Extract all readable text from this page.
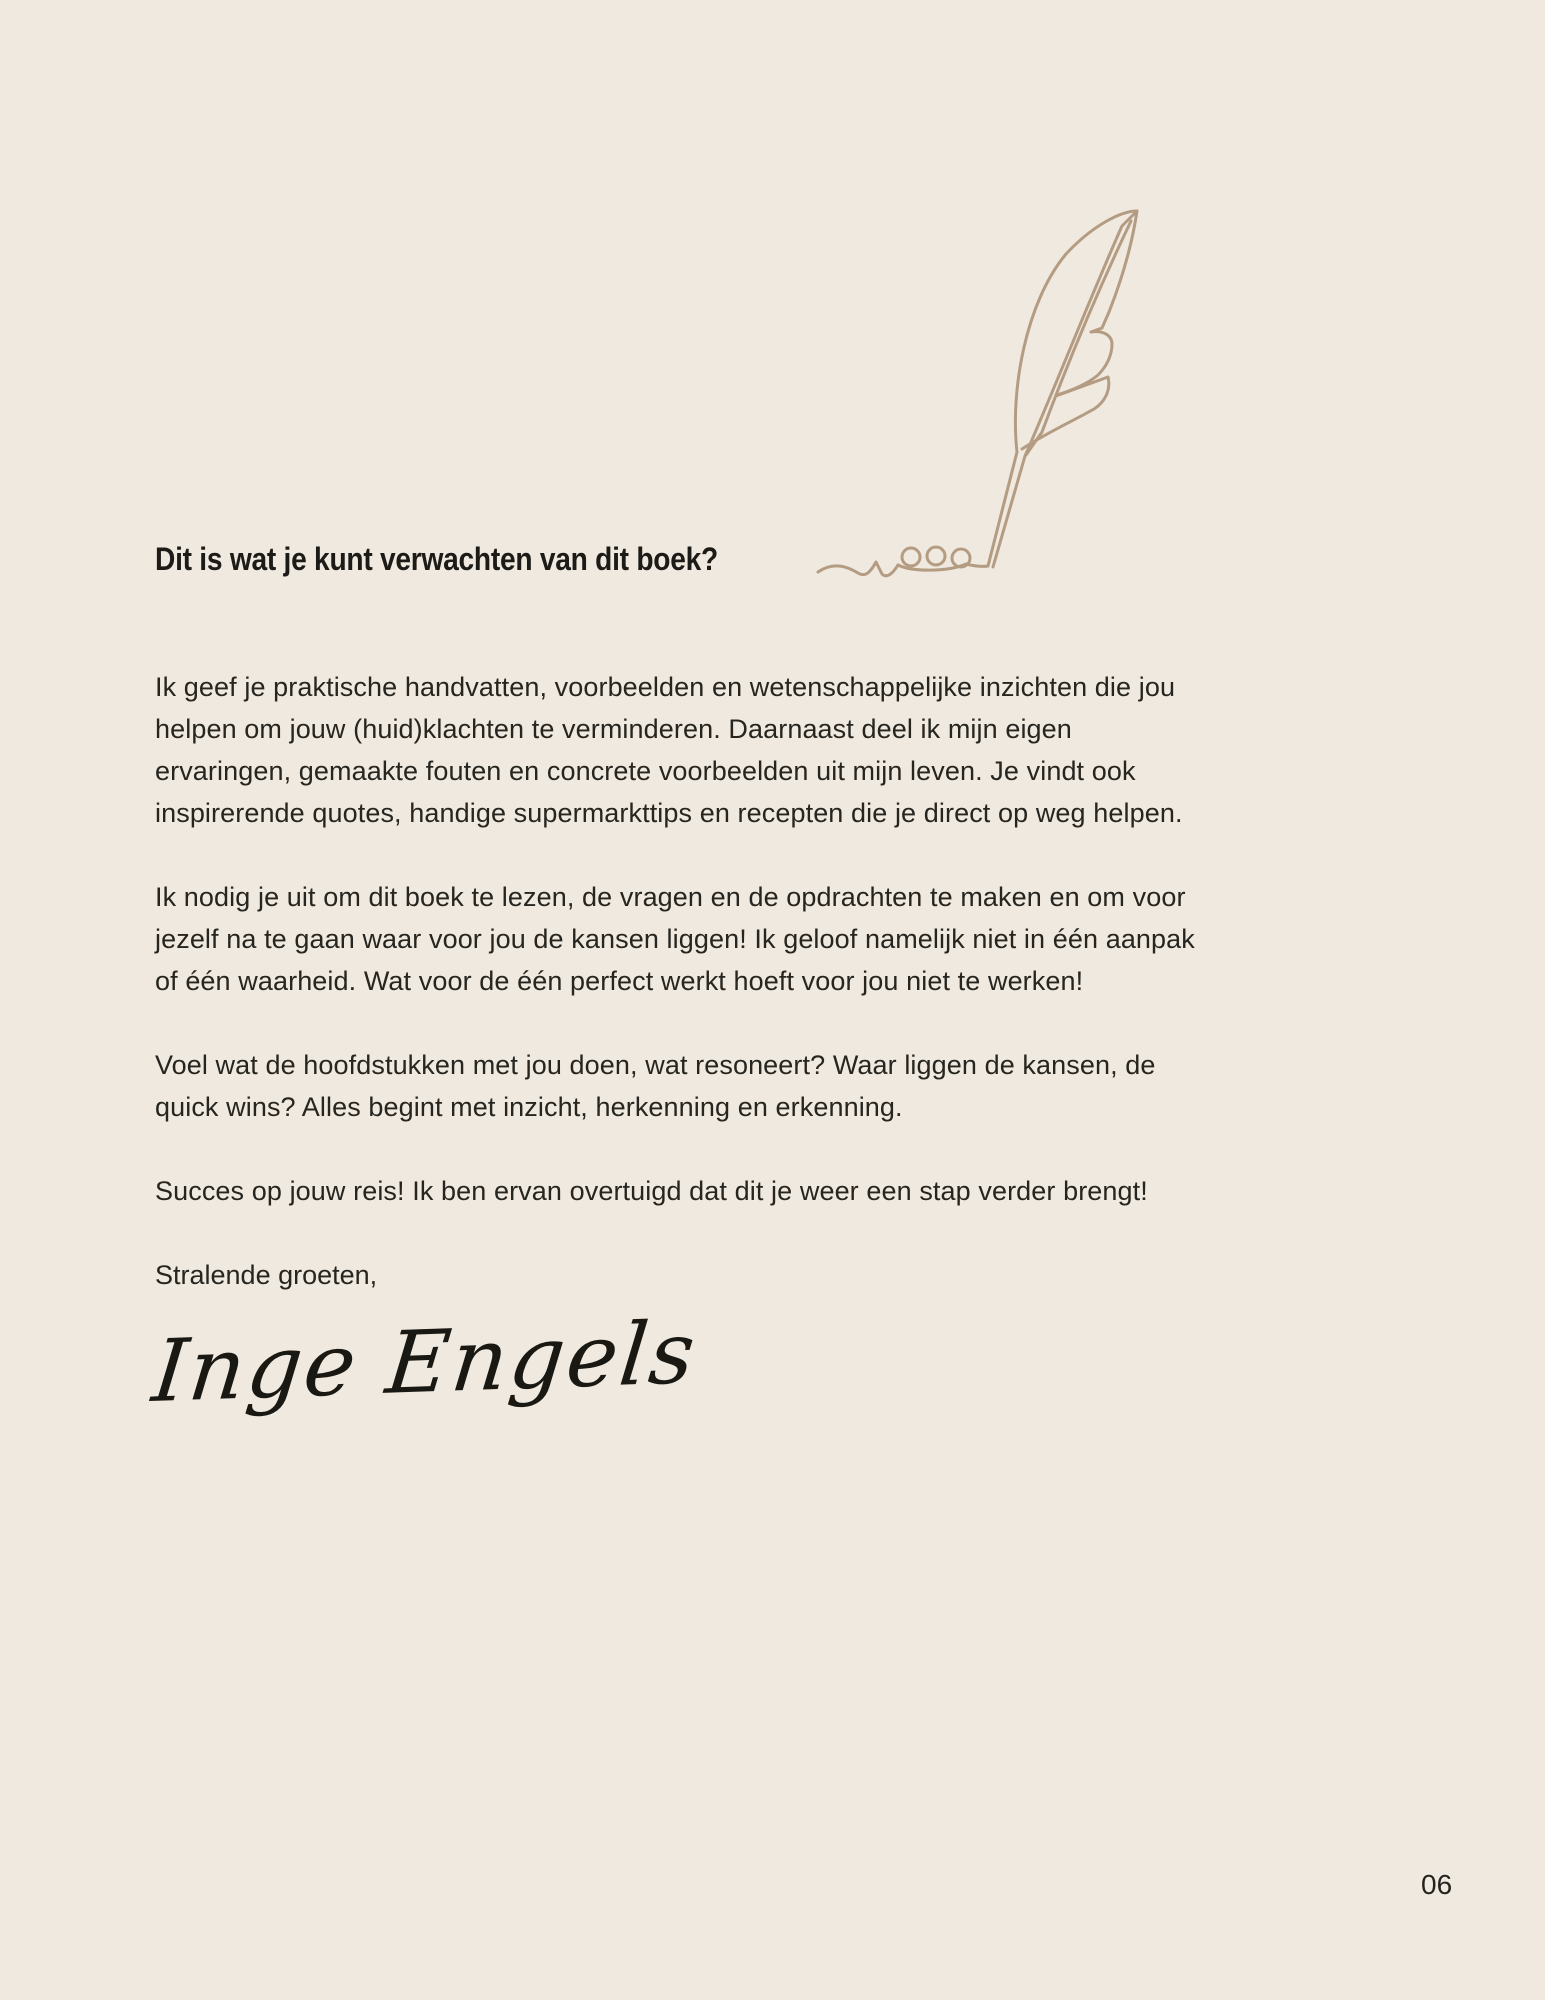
Dit is wat je kunt verwachten van dit boek?
Ik geef je praktische handvatten, voorbeelden en wetenschappelijke inzichten die jou
helpen om jouw (huid)klachten te verminderen. Daarnaast deel ik mijn eigen
ervaringen, gemaakte fouten en concrete voorbeelden uit mijn leven. Je vindt ook
inspirerende quotes, handige supermarkttips en recepten die je direct op weg helpen.
Ik nodig je uit om dit boek te lezen, de vragen en de opdrachten te maken en om voor
jezelf na te gaan waar voor jou de kansen liggen! Ik geloof namelijk niet in één aanpak
of één waarheid. Wat voor de één perfect werkt hoeft voor jou niet te werken!
Voel wat de hoofdstukken met jou doen, wat resoneert? Waar liggen de kansen, de
quick wins? Alles begint met inzicht, herkenning en erkenning.
Succes op jouw reis! Ik ben ervan overtuigd dat dit je weer een stap verder brengt!
Stralende groeten,
Inge Engels
06
